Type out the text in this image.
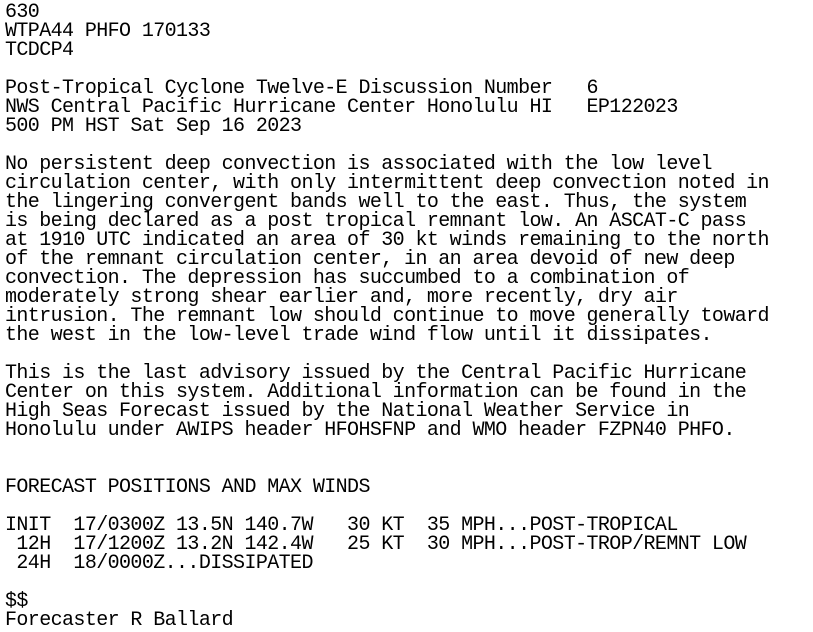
630
WTPA44 PHFO 170133
TCDCP4
Post-Tropical Cyclone Twelve-E Discussion Number   6
NWS Central Pacific Hurricane Center Honolulu HI   EP122023
500 PM HST Sat Sep 16 2023
No persistent deep convection is associated with the low level
circulation center, with only intermittent deep convection noted in
the lingering convergent bands well to the east. Thus, the system
is being declared as a post tropical remnant low. An ASCAT-C pass
at 1910 UTC indicated an area of 30 kt winds remaining to the north
of the remnant circulation center, in an area devoid of new deep
convection. The depression has succumbed to a combination of
moderately strong shear earlier and, more recently, dry air
intrusion. The remnant low should continue to move generally toward
the west in the low-level trade wind flow until it dissipates.
This is the last advisory issued by the Central Pacific Hurricane
Center on this system. Additional information can be found in the
High Seas Forecast issued by the National Weather Service in
Honolulu under AWIPS header HFOHSFNP and WMO header FZPN40 PHFO.
FORECAST POSITIONS AND MAX WINDS
INIT  17/0300Z 13.5N 140.7W   30 KT  35 MPH...POST-TROPICAL
12H  17/1200Z 13.2N 142.4W   25 KT  30 MPH...POST-TROP/REMNT LOW
24H  18/0000Z...DISSIPATED
$$
Forecaster R Ballard
